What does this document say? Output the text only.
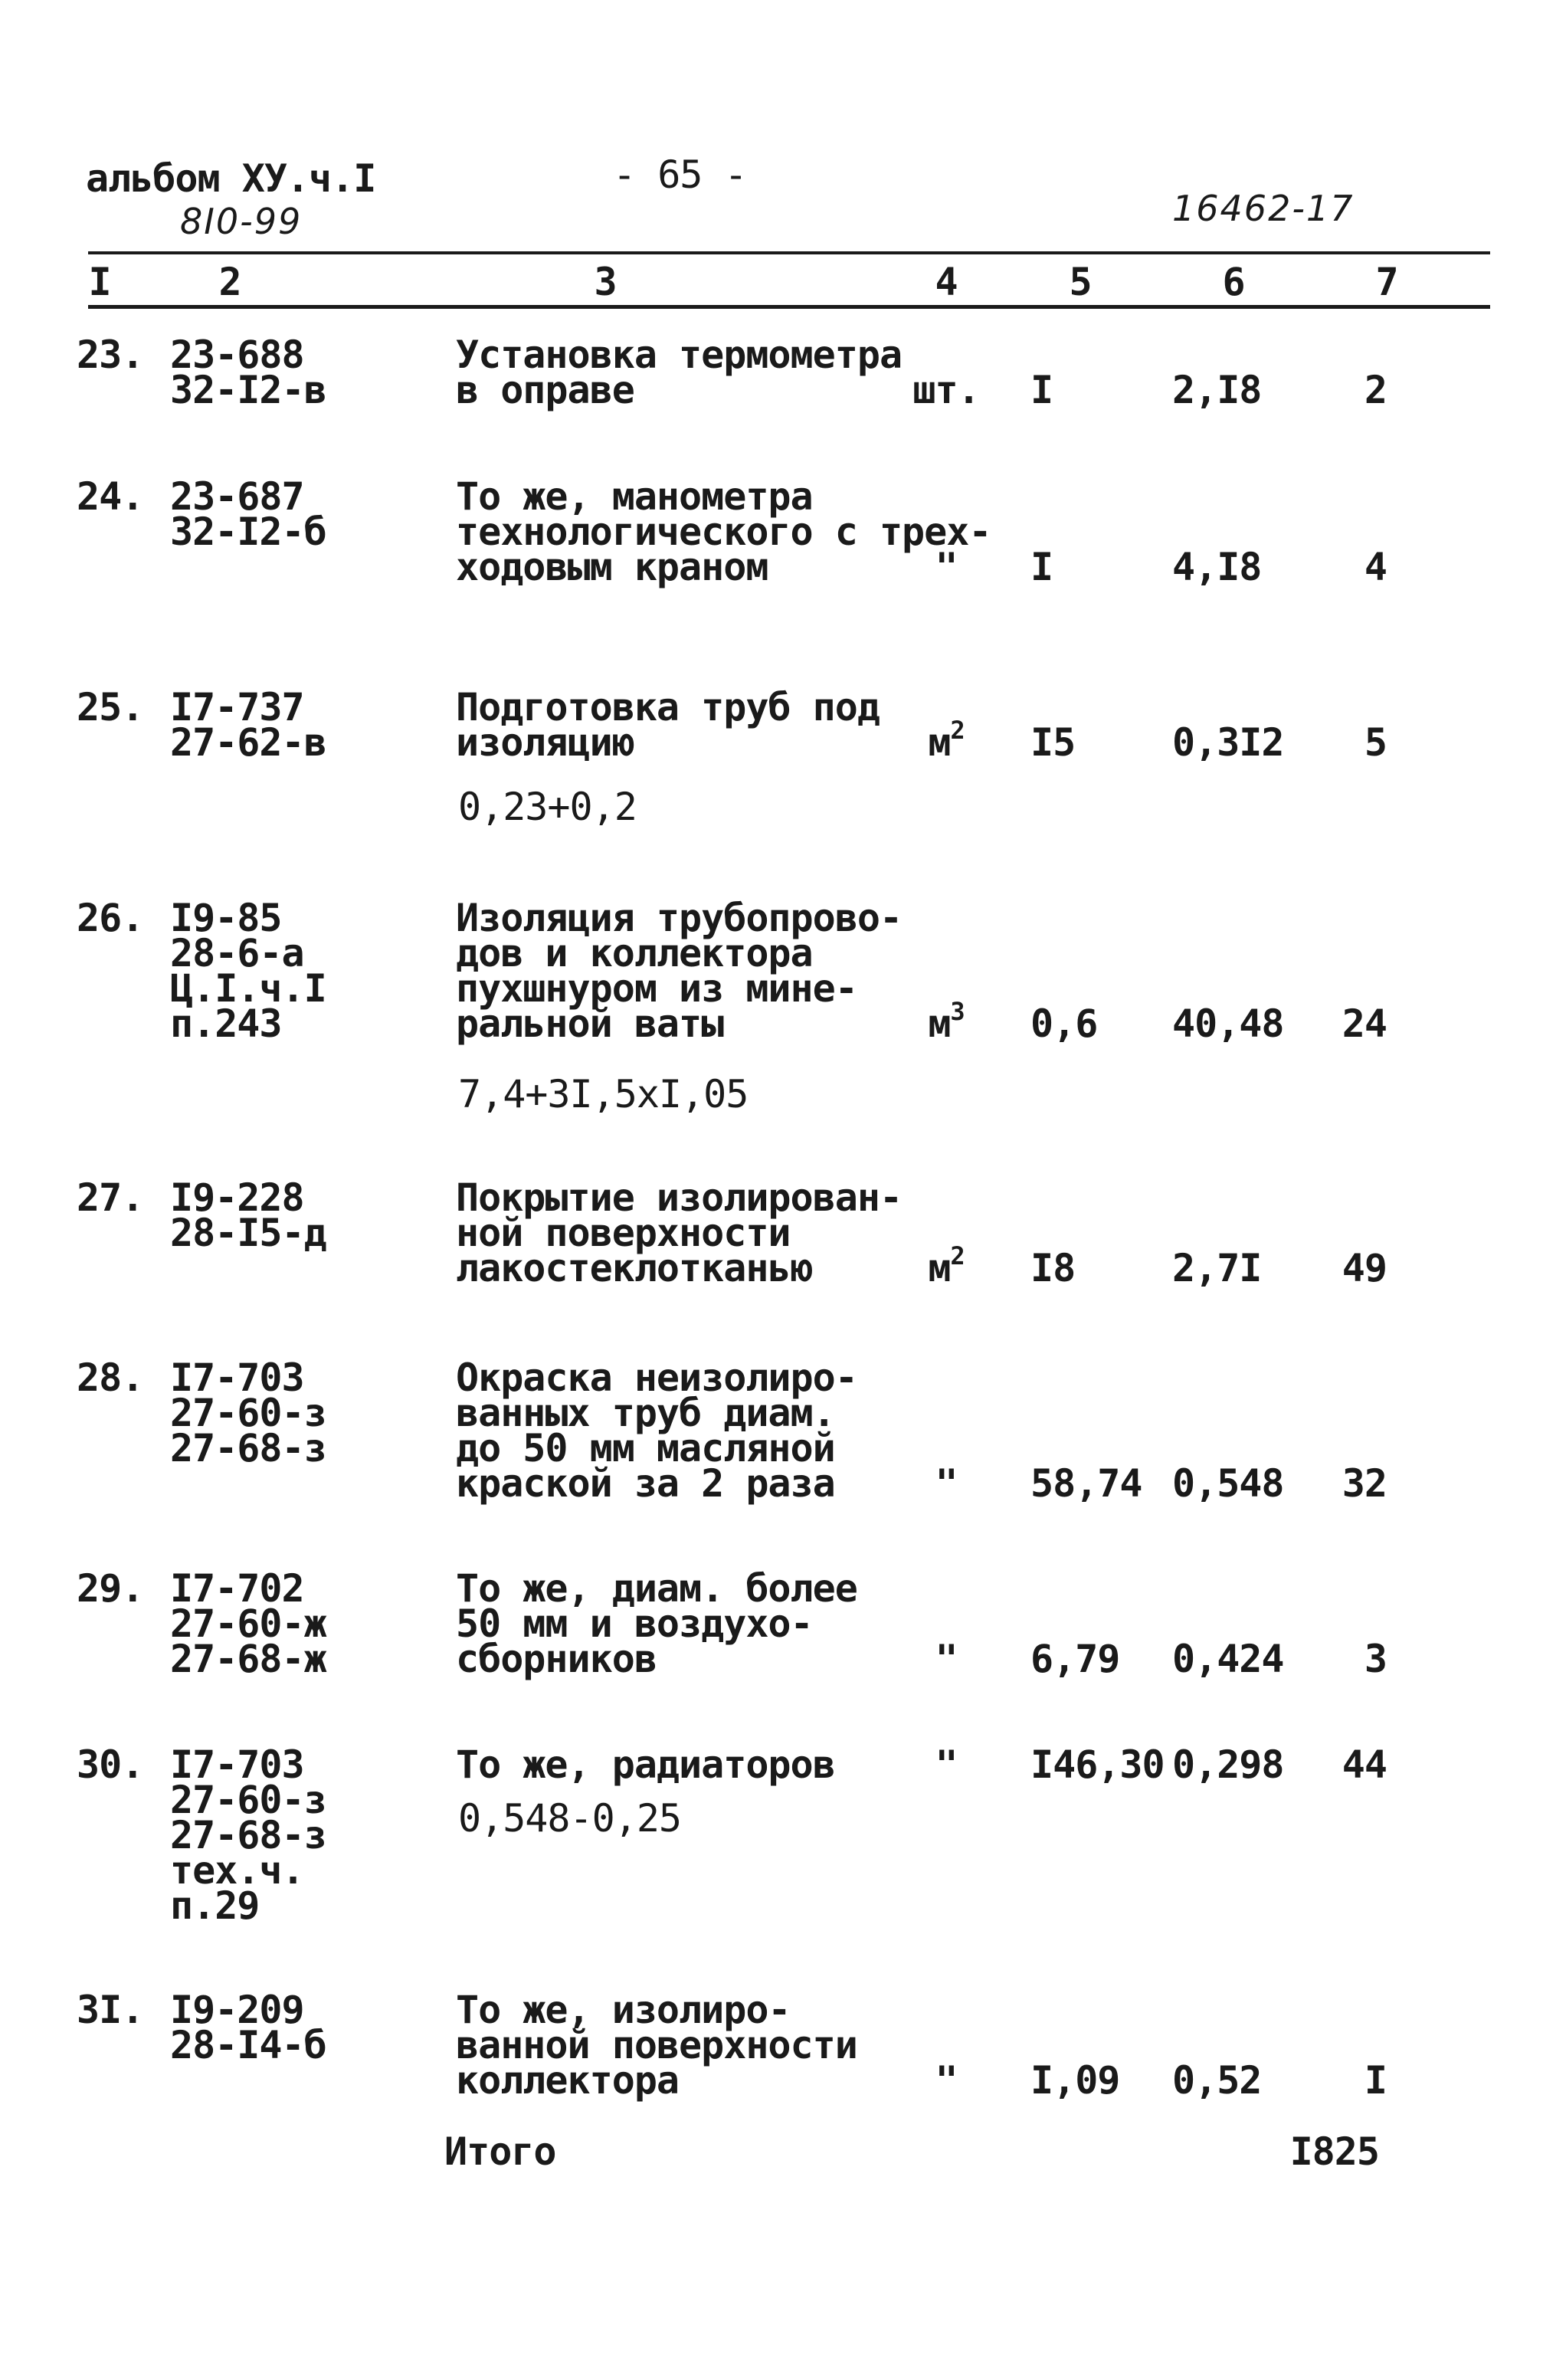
альбом ХУ.ч.I
8I0-99
- 65 -
16462-17
I	2	3	4	5	6	7
23. 23-688
32-I2-в
Установка термометра
в оправе	шт. I	2,I8	2
24. 23-687
32-I2-б
То же, манометра
технологического с трех-
ходовым краном	"	I	4,I8	4
25. I7-737
27-62-в
Подготовка труб под
изоляцию	$м^2$	I5	0,3I2	5
0,23+0,2
26. I9-85
28-6-а
Ц.I.ч.I
п.243
Изоляция трубопрово-
дов и коллектора
пухшнуром из мине-
ральной ваты	$м^3$	0,6 40,48	24
7,4+3I,5xI,05
27. I9-228
28-I5-д
Покрытие изолирован-
ной поверхности
лакостеклотканью	$м^2$	I8	2,7I	49
28. I7-703
27-60-з
27-68-з
Окраска неизолиро-
ванных труб диам.
до 50 мм масляной
краской за 2 раза	"	58,74 0,548	32
29. I7-702
27-60-ж
27-68-ж
То же, диам. более
50 мм и воздухо-
сборников	"	6,79 0,424	3
30. I7-703
27-60-з
27-68-з
тех.ч.
п.29
То же, радиаторов	"	I46,30 0,298	44
0,548-0,25
3I. I9-209
28-I4-б
То же, изолиро-
ванной поверхности
коллектора	"	I,09 0,52	I
Итого	I825
